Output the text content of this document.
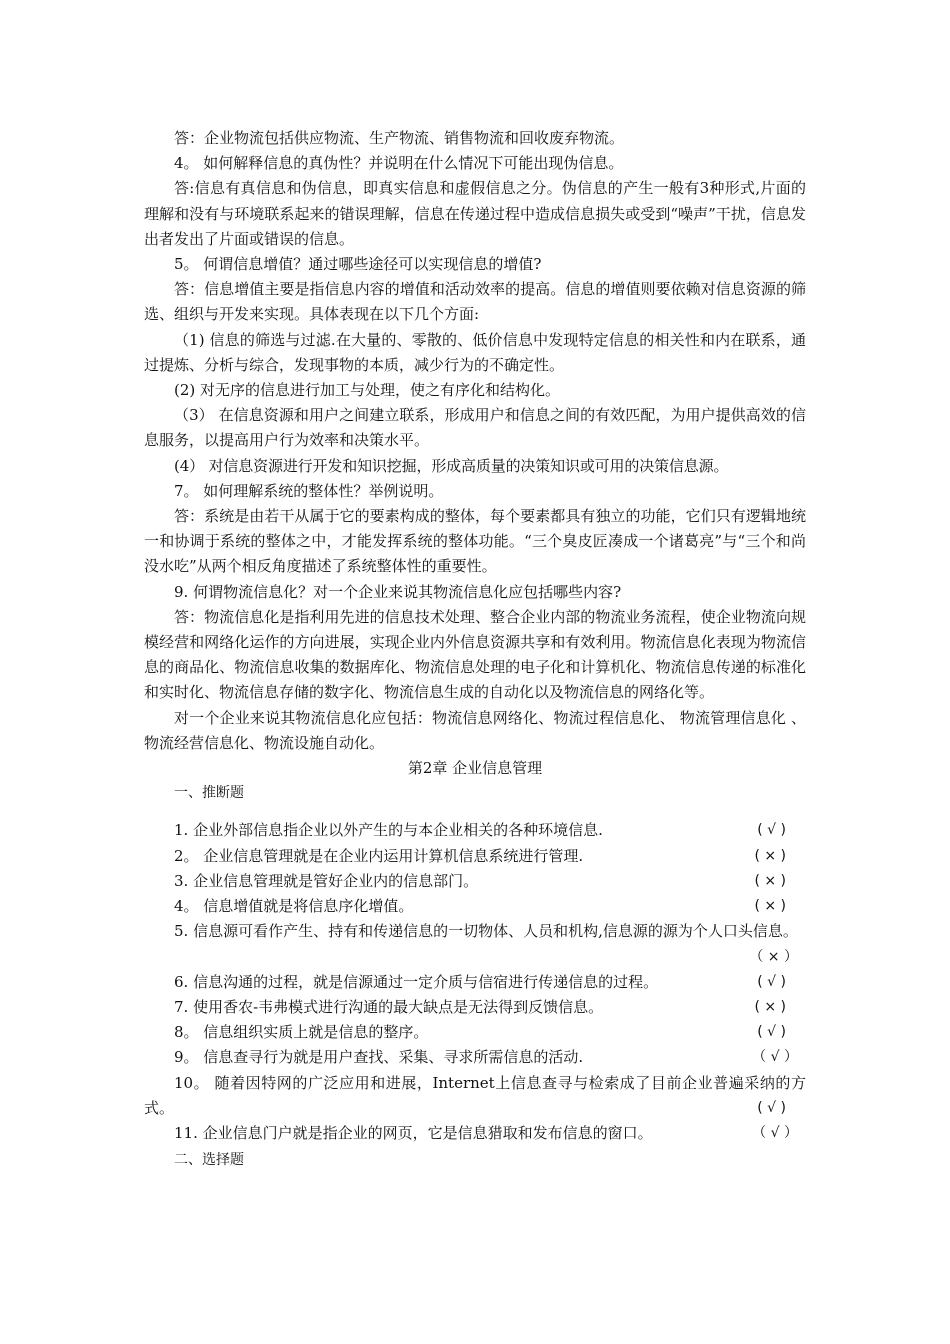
答：企业物流包括供应物流、生产物流、销售物流和回收废弃物流。

4。 如何解释信息的真伪性？并说明在什么情况下可能出现伪信息。

答:信息有真信息和伪信息，即真实信息和虚假信息之分。伪信息的产生一般有3种形式,片面的理解和没有与环境联系起来的错误理解，信息在传递过程中造成信息损失或受到“噪声”干扰，信息发出者发出了片面或错误的信息。

5。 何谓信息增值？通过哪些途径可以实现信息的增值?

答：信息增值主要是指信息内容的增值和活动效率的提高。信息的增值则要依赖对信息资源的筛选、组织与开发来实现。具体表现在以下几个方面:

（1) 信息的筛选与过滤.在大量的、零散的、低价信息中发现特定信息的相关性和内在联系，通过提炼、分析与综合，发现事物的本质，减少行为的不确定性。

(2) 对无序的信息进行加工与处理，使之有序化和结构化。

（3） 在信息资源和用户之间建立联系，形成用户和信息之间的有效匹配，为用户提供高效的信息服务，以提高用户行为效率和决策水平。

(4） 对信息资源进行开发和知识挖掘，形成高质量的决策知识或可用的决策信息源。

7。 如何理解系统的整体性？举例说明。

答：系统是由若干从属于它的要素构成的整体，每个要素都具有独立的功能，它们只有逻辑地统一和协调于系统的整体之中，才能发挥系统的整体功能。“三个臭皮匠凑成一个诸葛亮”与“三个和尚没水吃”从两个相反角度描述了系统整体性的重要性。

9. 何谓物流信息化？对一个企业来说其物流信息化应包括哪些内容?

答：物流信息化是指利用先进的信息技术处理、整合企业内部的物流业务流程，使企业物流向规模经营和网络化运作的方向进展，实现企业内外信息资源共享和有效利用。物流信息化表现为物流信息的商品化、物流信息收集的数据库化、物流信息处理的电子化和计算机化、物流信息传递的标准化和实时化、物流信息存储的数字化、物流信息生成的自动化以及物流信息的网络化等。

对一个企业来说其物流信息化应包括：物流信息网络化、物流过程信息化、 物流管理信息化 、物流经营信息化、物流设施自动化。

第2章 企业信息管理

一、推断题

1. 企业外部信息指企业以外产生的与本企业相关的各种环境信息.	( √ )

2。 企业信息管理就是在企业内运用计算机信息系统进行管理.	( × )

3. 企业信息管理就是管好企业内的信息部门。	( × )

4。 信息增值就是将信息序化增值。	( × )

5. 信息源可看作产生、持有和传递信息的一切物体、人员和机构,信息源的源为个人口头信息。

（ × ）

6. 信息沟通的过程，就是信源通过一定介质与信宿进行传递信息的过程。	( √ )

7. 使用香农-韦弗模式进行沟通的最大缺点是无法得到反馈信息。	( × )

8。 信息组织实质上就是信息的整序。	( √ )

9。 信息查寻行为就是用户查找、采集、寻求所需信息的活动.	（ √ ）

10。 随着因特网的广泛应用和进展，Internet上信息查寻与检索成了目前企业普遍采纳的方式。	( √ )

11. 企业信息门户就是指企业的网页，它是信息猎取和发布信息的窗口。	（ √ ）

二、选择题
